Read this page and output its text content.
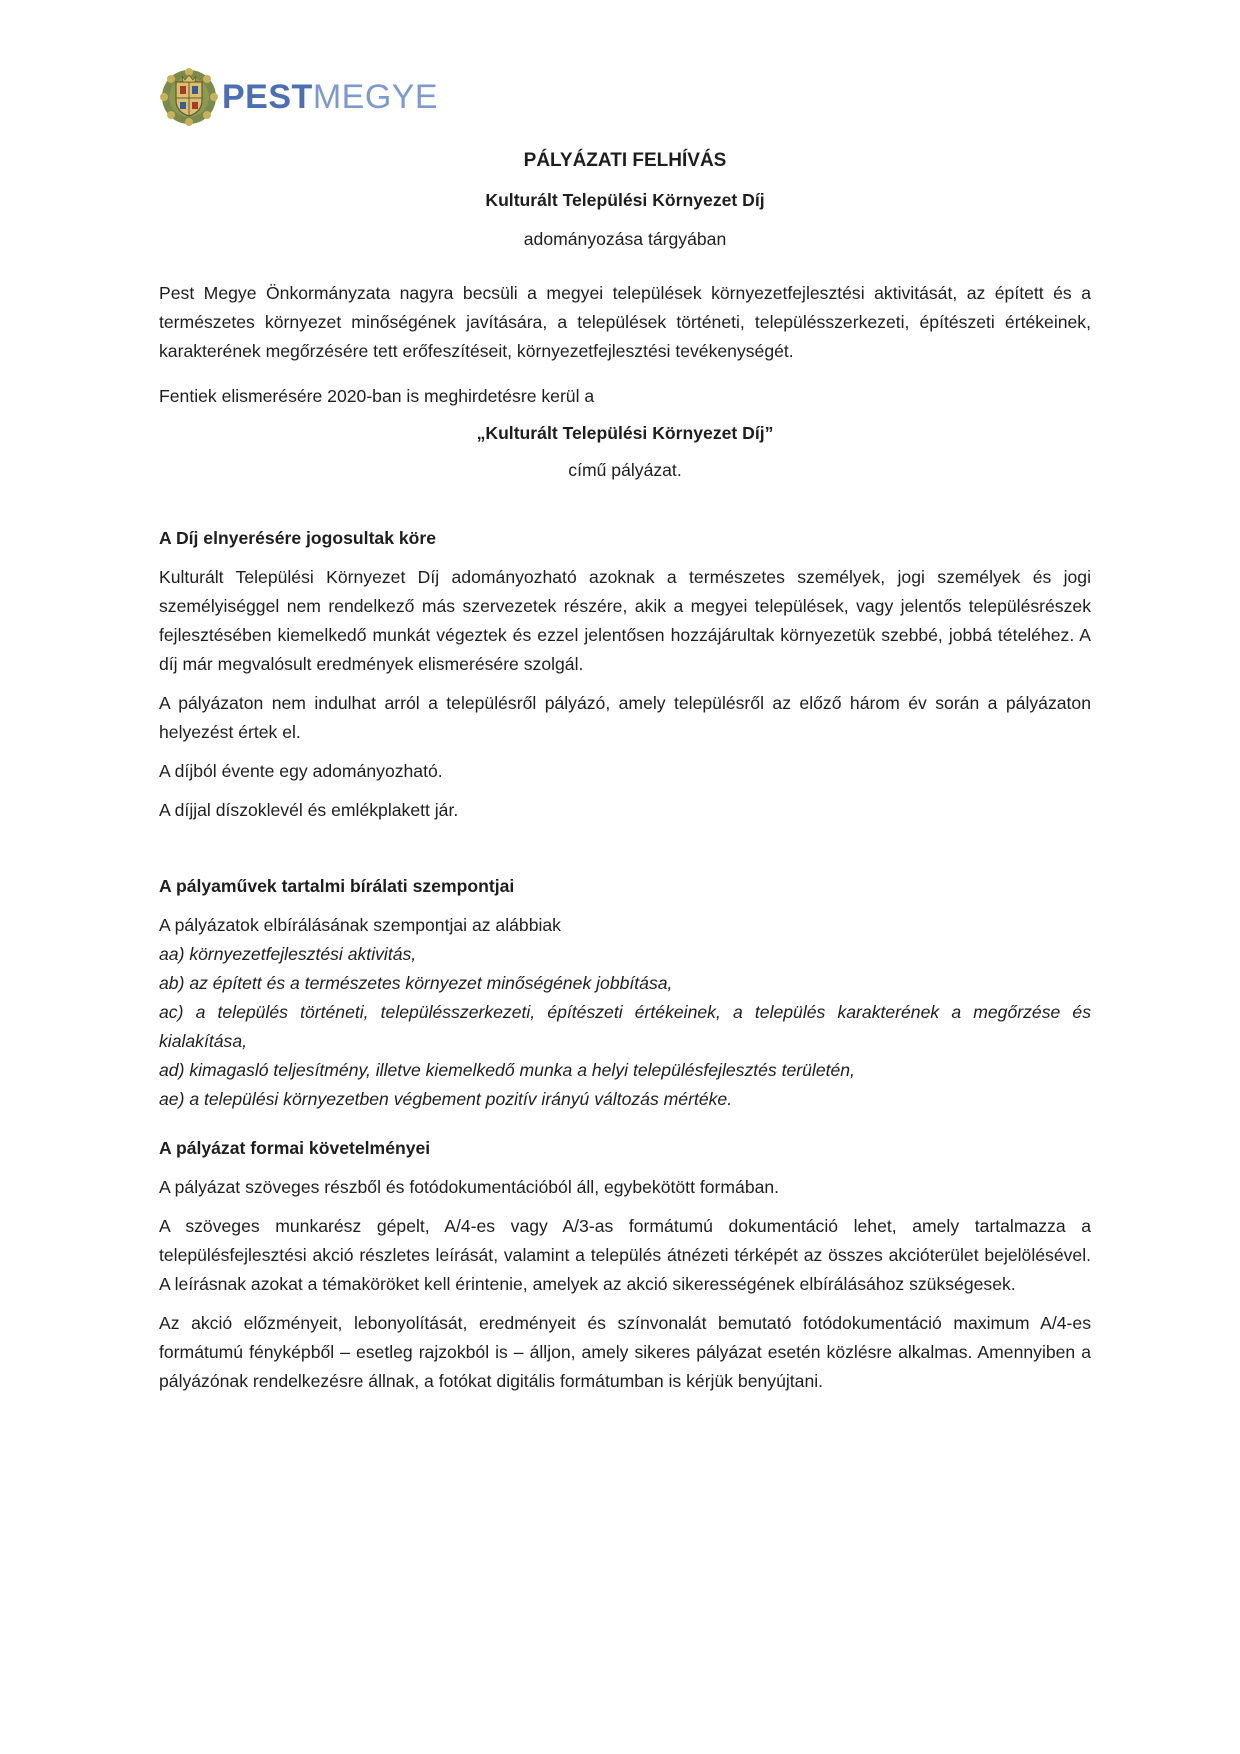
PESTMEGYE

PÁLYÁZATI FELHÍVÁS

Kulturált Települési Környezet Díj

adományozása tárgyában

Pest Megye Önkormányzata nagyra becsüli a megyei települések környezetfejlesztési aktivitását, az épített és a természetes környezet minőségének javítására, a települések történeti, településszerkezeti, építészeti értékeinek, karakterének megőrzésére tett erőfeszítéseit, környezetfejlesztési tevékenységét.

Fentiek elismerésére 2020-ban is meghirdetésre kerül a

„Kulturált Települési Környezet Díj”

című pályázat.

A Díj elnyerésére jogosultak köre

Kulturált Települési Környezet Díj adományozható azoknak a természetes személyek, jogi személyek és jogi személyiséggel nem rendelkező más szervezetek részére, akik a megyei települések, vagy jelentős településrészek fejlesztésében kiemelkedő munkát végeztek és ezzel jelentősen hozzájárultak környezetük szebbé, jobbá tételéhez. A díj már megvalósult eredmények elismerésére szolgál.

A pályázaton nem indulhat arról a településről pályázó, amely településről az előző három év során a pályázaton helyezést értek el.

A díjból évente egy adományozható.

A díjjal díszoklevél és emlékplakett jár.

A pályaművek tartalmi bírálati szempontjai

A pályázatok elbírálásának szempontjai az alábbiak

aa) környezetfejlesztési aktivitás,

ab) az épített és a természetes környezet minőségének jobbítása,

ac) a település történeti, településszerkezeti, építészeti értékeinek, a település karakterének a megőrzése és kialakítása,

ad) kimagasló teljesítmény, illetve kiemelkedő munka a helyi településfejlesztés területén,

ae) a települési környezetben végbement pozitív irányú változás mértéke.

A pályázat formai követelményei

A pályázat szöveges részből és fotódokumentációból áll, egybekötött formában.

A szöveges munkarész gépelt, A/4-es vagy A/3-as formátumú dokumentáció lehet, amely tartalmazza a településfejlesztési akció részletes leírását, valamint a település átnézeti térképét az összes akcióterület bejelölésével. A leírásnak azokat a témaköröket kell érintenie, amelyek az akció sikerességének elbírálásához szükségesek.

Az akció előzményeit, lebonyolítását, eredményeit és színvonalát bemutató fotódokumentáció maximum A/4-es formátumú fényképből – esetleg rajzokból is – álljon, amely sikeres pályázat esetén közlésre alkalmas. Amennyiben a pályázónak rendelkezésre állnak, a fotókat digitális formátumban is kérjük benyújtani.
